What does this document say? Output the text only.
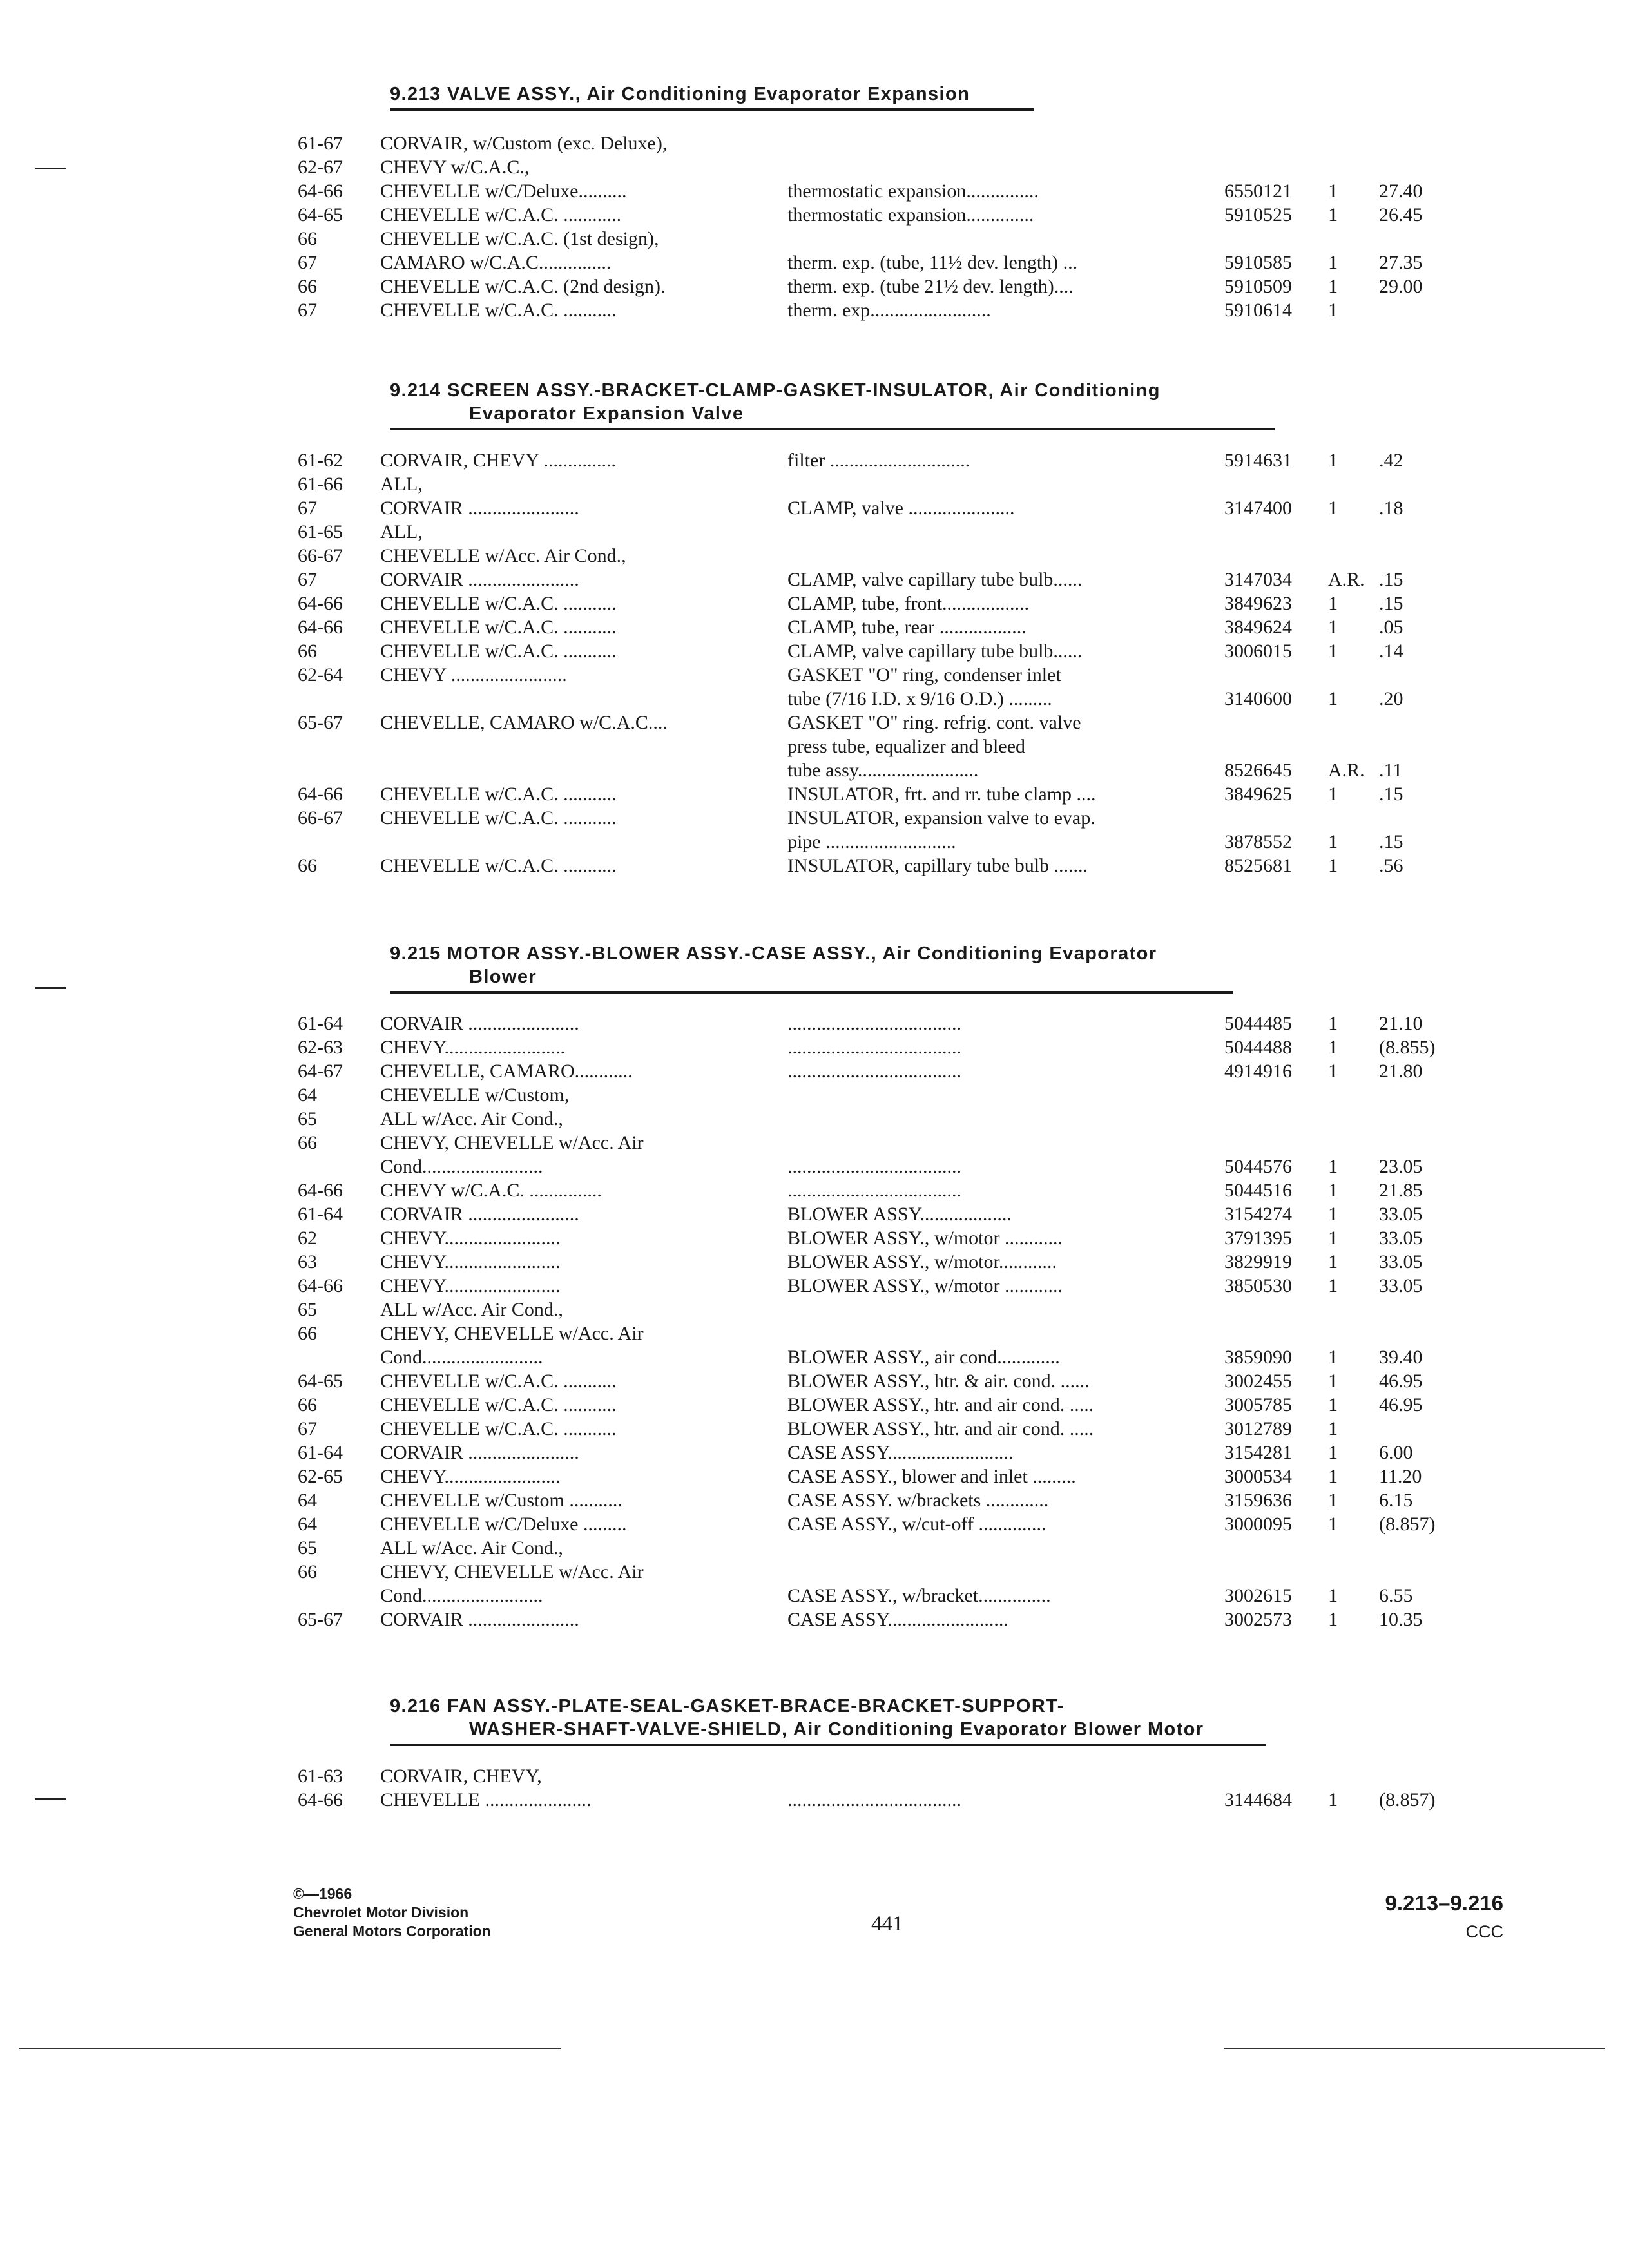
9.213 VALVE ASSY., Air Conditioning Evaporator Expansion
61-67 CORVAIR, w/Custom (exc. Deluxe),
62-67 CHEVY w/C.A.C.,
64-66 CHEVELLE w/C/Deluxe..........	thermostatic expansion...............	6550121 1 27.40
64-65 CHEVELLE w/C.A.C. ............	thermostatic expansion..............	5910525 1 26.45
66	CHEVELLE w/C.A.C. (1st design),
67	CAMARO w/C.A.C...............	therm. exp. (tube, 11½ dev. length) ...	5910585 1 27.35
66	CHEVELLE w/C.A.C. (2nd design).	therm. exp. (tube 21½ dev. length)....	5910509 1 29.00
67	CHEVELLE w/C.A.C. ...........	therm. exp.........................	5910614 1
9.214 SCREEN ASSY.-BRACKET-CLAMP-GASKET-INSULATOR, Air Conditioning
Evaporator Expansion Valve
61-62 CORVAIR, CHEVY ...............	filter .............................	5914631 1 .42
61-66 ALL,
67	CORVAIR .......................	CLAMP, valve ......................	3147400 1 .18
61-65 ALL,
66-67 CHEVELLE w/Acc. Air Cond.,
67	CORVAIR .......................	CLAMP, valve capillary tube bulb......	3147034 A.R. .15
64-66 CHEVELLE w/C.A.C. ...........	CLAMP, tube, front..................	3849623 1 .15
64-66 CHEVELLE w/C.A.C. ...........	CLAMP, tube, rear ..................	3849624 1 .05
66	CHEVELLE w/C.A.C. ...........	CLAMP, valve capillary tube bulb......	3006015 1 .14
62-64 CHEVY ........................	GASKET "O" ring, condenser inlet
tube (7/16 I.D. x 9/16 O.D.) .........	3140600 1 .20
65-67 CHEVELLE, CAMARO w/C.A.C....	GASKET "O" ring. refrig. cont. valve
press tube, equalizer and bleed
tube assy.........................	8526645 A.R. .11
64-66 CHEVELLE w/C.A.C. ...........	INSULATOR, frt. and rr. tube clamp ....	3849625 1 .15
66-67 CHEVELLE w/C.A.C. ...........	INSULATOR, expansion valve to evap.
pipe ...........................	3878552 1 .15
66	CHEVELLE w/C.A.C. ...........	INSULATOR, capillary tube bulb .......	8525681 1 .56
9.215 MOTOR ASSY.-BLOWER ASSY.-CASE ASSY., Air Conditioning Evaporator
Blower
61-64 CORVAIR .......................	....................................	5044485 1 21.10
62-63 CHEVY.........................	....................................	5044488 1 (8.855)
64-67 CHEVELLE, CAMARO............	....................................	4914916 1 21.80
64	CHEVELLE w/Custom,
65	ALL w/Acc. Air Cond.,
66	CHEVY, CHEVELLE w/Acc. Air
Cond.........................	....................................	5044576 1 23.05
64-66 CHEVY w/C.A.C. ...............	....................................	5044516 1 21.85
61-64 CORVAIR .......................	BLOWER ASSY...................	3154274 1 33.05
62	CHEVY........................	BLOWER ASSY., w/motor ............	3791395 1 33.05
63	CHEVY........................	BLOWER ASSY., w/motor............	3829919 1 33.05
64-66 CHEVY........................	BLOWER ASSY., w/motor ............	3850530 1 33.05
65	ALL w/Acc. Air Cond.,
66	CHEVY, CHEVELLE w/Acc. Air
Cond.........................	BLOWER ASSY., air cond.............	3859090 1 39.40
64-65 CHEVELLE w/C.A.C. ...........	BLOWER ASSY., htr. & air. cond. ......	3002455 1 46.95
66	CHEVELLE w/C.A.C. ...........	BLOWER ASSY., htr. and air cond. .....	3005785 1 46.95
67	CHEVELLE w/C.A.C. ...........	BLOWER ASSY., htr. and air cond. .....	3012789 1
61-64 CORVAIR .......................	CASE ASSY..........................	3154281 1 6.00
62-65 CHEVY........................	CASE ASSY., blower and inlet .........	3000534 1 11.20
64	CHEVELLE w/Custom ...........	CASE ASSY. w/brackets .............	3159636 1 6.15
64	CHEVELLE w/C/Deluxe .........	CASE ASSY., w/cut-off ..............	3000095 1 (8.857)
65	ALL w/Acc. Air Cond.,
66	CHEVY, CHEVELLE w/Acc. Air
Cond.........................	CASE ASSY., w/bracket...............	3002615 1 6.55
65-67 CORVAIR .......................	CASE ASSY.........................	3002573 1 10.35
9.216 FAN ASSY.-PLATE-SEAL-GASKET-BRACE-BRACKET-SUPPORT-
WASHER-SHAFT-VALVE-SHIELD, Air Conditioning Evaporator Blower Motor
61-63 CORVAIR, CHEVY,
64-66 CHEVELLE ......................	....................................	3144684 1 (8.857)
©—1966
Chevrolet Motor Division
General Motors Corporation	441
9.213–9.216
CCC
